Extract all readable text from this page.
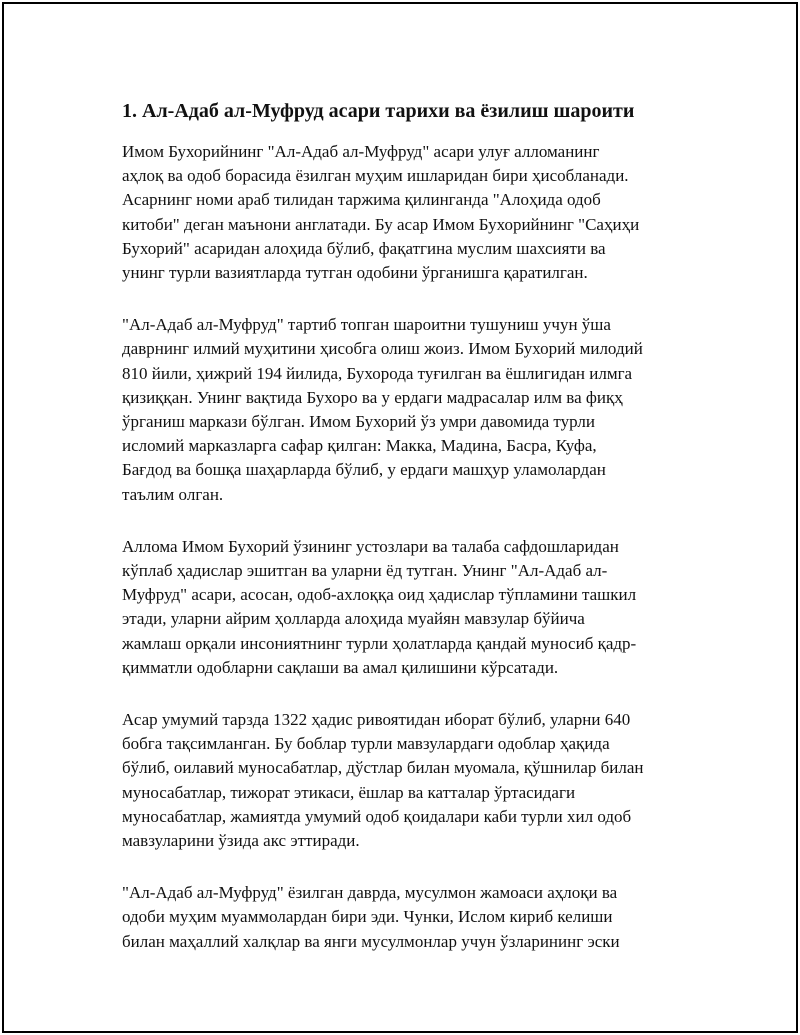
1. Ал-Адаб ал-Муфруд асари тарихи ва ёзилиш шароити

Имом Бухорийнинг "Ал-Адаб ал-Муфруд" асари улуғ алломанинг
аҳлоқ ва одоб борасида ёзилган муҳим ишларидан бири ҳисобланади.
Асарнинг номи араб тилидан таржима қилинганда "Алоҳида одоб
китоби" деган маънони англатади. Бу асар Имом Бухорийнинг "Саҳиҳи
Бухорий" асаридан алоҳида бўлиб, фақатгина муслим шахсияти ва
унинг турли вазиятларда тутган одобини ўрганишга қаратилган.

"Ал-Адаб ал-Муфруд" тартиб топган шароитни тушуниш учун ўша
даврнинг илмий муҳитини ҳисобга олиш жоиз. Имом Бухорий милодий
810 йили, ҳижрий 194 йилида, Бухорода туғилган ва ёшлигидан илмга
қизиққан. Унинг вақтида Бухоро ва у ердаги мадрасалар илм ва фиқҳ
ўрганиш маркази бўлган. Имом Бухорий ўз умри давомида турли
исломий марказларга сафар қилган: Макка, Мадина, Басра, Куфа,
Бағдод ва бошқа шаҳарларда бўлиб, у ердаги машҳур уламолардан
таълим олган.

Аллома Имом Бухорий ўзининг устозлари ва талаба сафдошларидан
кўплаб ҳадислар эшитган ва уларни ёд тутган. Унинг "Ал-Адаб ал-
Муфруд" асари, асосан, одоб-ахлоққа оид ҳадислар тўпламини ташкил
этади, уларни айрим ҳолларда алоҳида муайян мавзулар бўйича
жамлаш орқали инсониятнинг турли ҳолатларда қандай муносиб қадр-
қимматли одобларни сақлаши ва амал қилишини кўрсатади.

Асар умумий тарзда 1322 ҳадис ривоятидан иборат бўлиб, уларни 640
бобга тақсимланган. Бу боблар турли мавзулардаги одоблар ҳақида
бўлиб, оилавий муносабатлар, дўстлар билан муомала, қўшнилар билан
муносабатлар, тижорат этикаси, ёшлар ва катталар ўртасидаги
муносабатлар, жамиятда умумий одоб қоидалари каби турли хил одоб
мавзуларини ўзида акс эттиради.

"Ал-Адаб ал-Муфруд" ёзилган даврда, мусулмон жамоаси аҳлоқи ва
одоби муҳим муаммолардан бири эди. Чунки, Ислом кириб келиши
билан маҳаллий халқлар ва янги мусулмонлар учун ўзларининг эски
